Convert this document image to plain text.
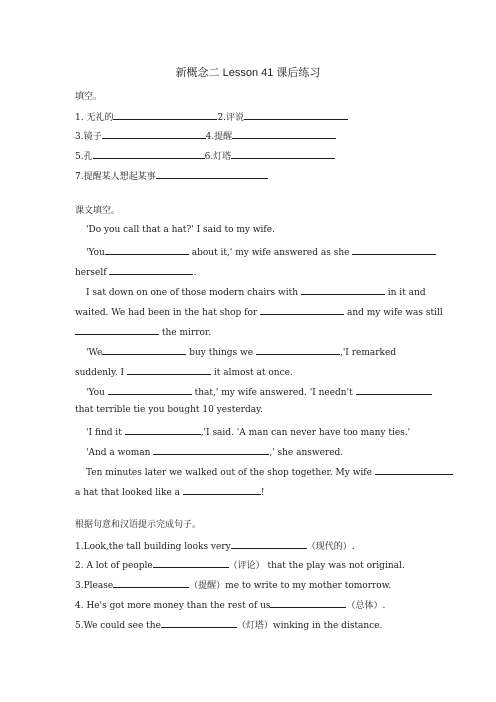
新概念二 Lesson 41 课后练习
填空。
1. 无礼的	2.评说
3.镜子	4.提醒
5.孔	6.灯塔
7.提醒某人想起某事
课文填空。
'Do you call that a hat?' I said to my wife.
'You	about it,' my wife answered as she
herself	.
I sat down on one of those modern chairs with	in it and
waited. We had been in the hat shop for	and my wife was still
the mirror.
'We	buy things we	,'I remarked
suddenly. I	it almost at once.
'You	that,' my wife answered. 'I needn't
that terrible tie you bought 10 yesterday.
'I find it	,'I said. 'A man can never have too many ties.'
'And a woman	,' she answered.
Ten minutes later we walked out of the shop together. My wife
a hat that looked like a	!
根据句意和汉语提示完成句子。
1.Look,the tall building looks very	（现代的）.
2. A lot of people	（评论） that the play was not original.
3.Please	（提醒）me to write to my mother tomorrow.
4. He's got more money than the rest of us	（总体）.
5.We could see the	（灯塔）winking in the distance.
